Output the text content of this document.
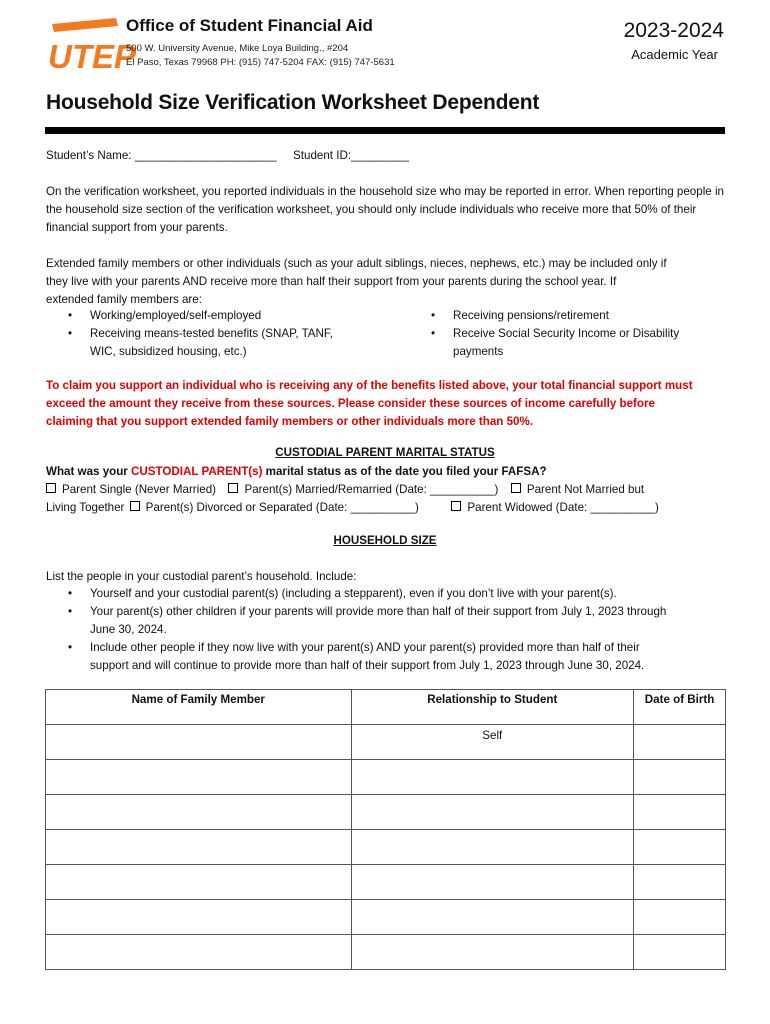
UTEP
Office of Student Financial Aid
500 W. University Avenue, Mike Loya Building., #204
El Paso, Texas 79968 PH: (915) 747-5204 FAX: (915) 747-5631
2023-2024
Academic Year
Household Size Verification Worksheet Dependent
Student’s Name: ______________________ Student ID:_________
On the verification worksheet, you reported individuals in the household size who may be reported in error. When reporting people in the household size section of the verification worksheet, you should only include individuals who receive more that 50% of their financial support from your parents.
Extended family members or other individuals (such as your adult siblings, nieces, nephews, etc.) may be included only if
they live with your parents AND receive more than half their support from your parents during the school year. If
extended family members are:
• Working/employed/self-employed
• Receiving means-tested benefits (SNAP, TANF,
WIC, subsidized housing, etc.)
• Receiving pensions/retirement
• Receive Social Security Income or Disability
payments
To claim you support an individual who is receiving any of the benefits listed above, your total financial support must
exceed the amount they receive from these sources. Please consider these sources of income carefully before
claiming that you support extended family members or other individuals more than 50%.
CUSTODIAL PARENT MARITAL STATUS
What was your CUSTODIAL PARENT(s) marital status as of the date you filed your FAFSA?
Parent Single (Never Married) Parent(s) Married/Remarried (Date: __________) Parent Not Married but
Living Together Parent(s) Divorced or Separated (Date: __________)	Parent Widowed (Date: __________)
HOUSEHOLD SIZE
List the people in your custodial parent’s household. Include:
• Yourself and your custodial parent(s) (including a stepparent), even if you don’t live with your parent(s).
• Your parent(s) other children if your parents will provide more than half of their support from July 1, 2023 through
June 30, 2024.
• Include other people if they now live with your parent(s) AND your parent(s) provided more than half of their
support and will continue to provide more than half of their support from July 1, 2023 through June 30, 2024.
Name of Family Member	Relationship to Student	Date of Birth
	Self	
